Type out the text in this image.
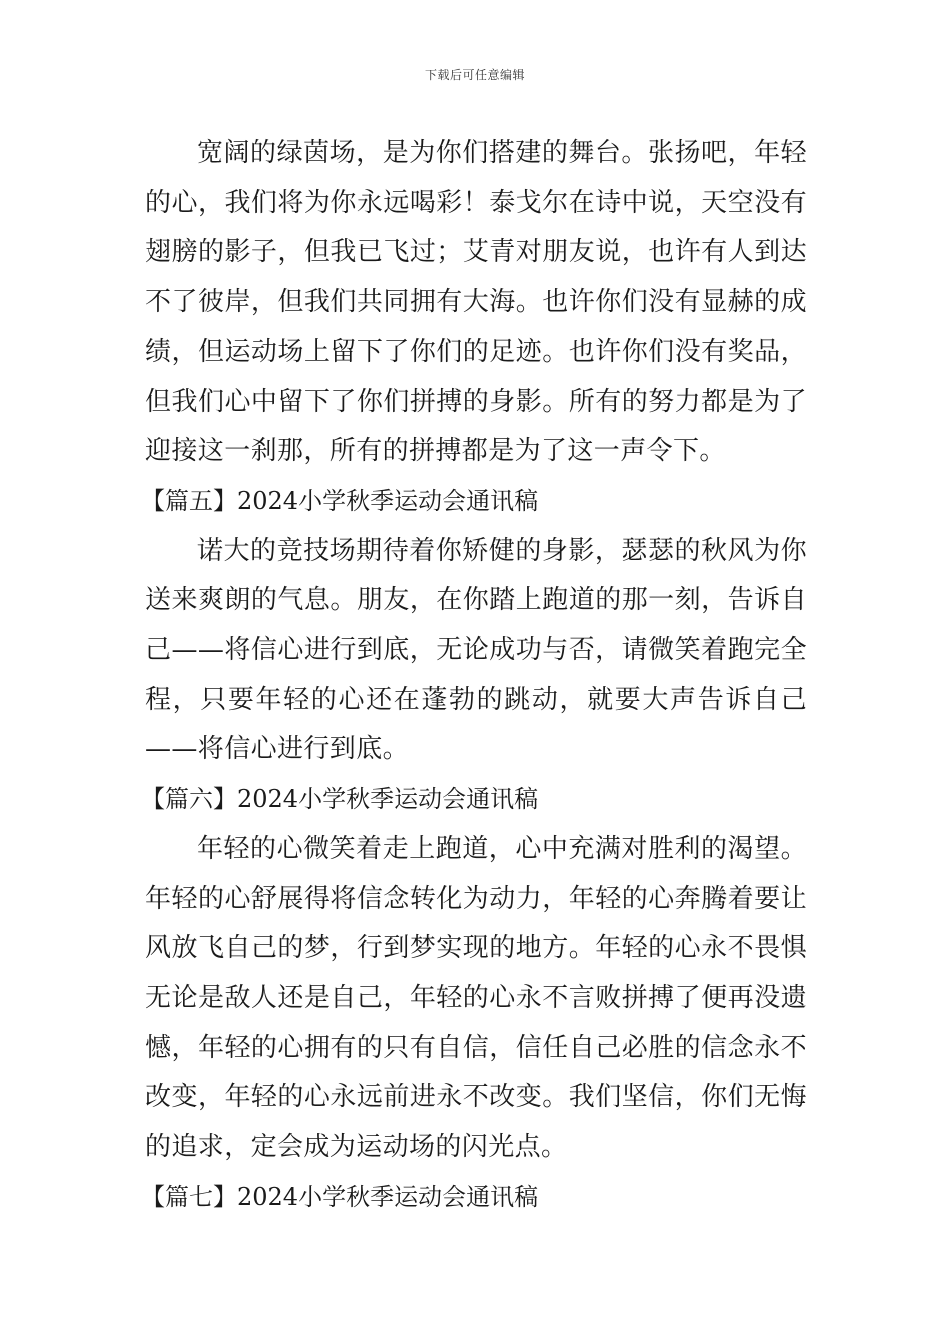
下载后可任意编辑

宽阔的绿茵场，是为你们搭建的舞台。张扬吧，年轻的心，我们将为你永远喝彩！泰戈尔在诗中说，天空没有翅膀的影子，但我已飞过；艾青对朋友说，也许有人到达不了彼岸，但我们共同拥有大海。也许你们没有显赫的成绩，但运动场上留下了你们的足迹。也许你们没有奖品，但我们心中留下了你们拼搏的身影。所有的努力都是为了迎接这一刹那，所有的拼搏都是为了这一声令下。

【篇五】2024小学秋季运动会通讯稿

诺大的竞技场期待着你矫健的身影，瑟瑟的秋风为你送来爽朗的气息。朋友，在你踏上跑道的那一刻，告诉自己——将信心进行到底，无论成功与否，请微笑着跑完全程，只要年轻的心还在蓬勃的跳动，就要大声告诉自己——将信心进行到底。

【篇六】2024小学秋季运动会通讯稿

年轻的心微笑着走上跑道，心中充满对胜利的渴望。年轻的心舒展得将信念转化为动力，年轻的心奔腾着要让风放飞自己的梦，行到梦实现的地方。年轻的心永不畏惧无论是敌人还是自己，年轻的心永不言败拼搏了便再没遗憾，年轻的心拥有的只有自信，信任自己必胜的信念永不改变，年轻的心永远前进永不改变。我们坚信，你们无悔的追求，定会成为运动场的闪光点。

【篇七】2024小学秋季运动会通讯稿
